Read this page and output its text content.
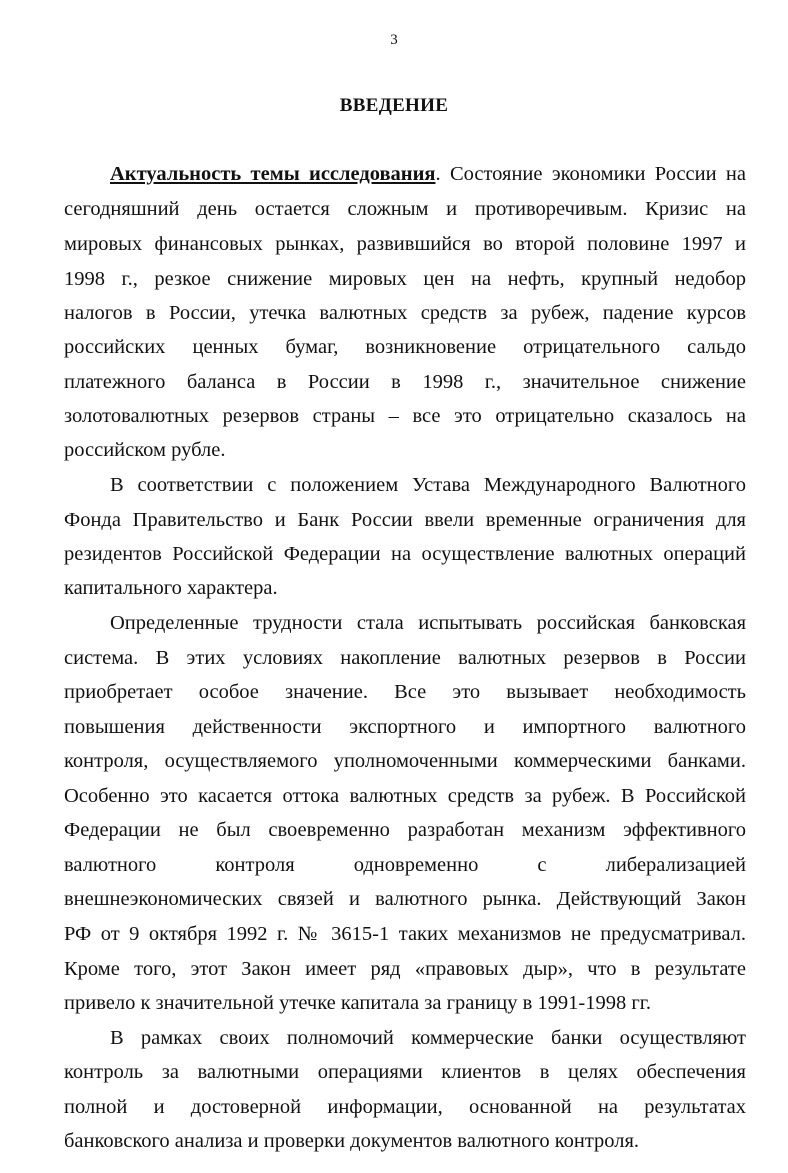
3
ВВЕДЕНИЕ
Актуальность темы исследования. Состояние экономики России на
сегодняшний день остается сложным и противоречивым. Кризис на
мировых финансовых рынках, развившийся во второй половине 1997 и
1998 г., резкое снижение мировых цен на нефть, крупный недобор
налогов в России, утечка валютных средств за рубеж, падение курсов
российских ценных бумаг, возникновение отрицательного сальдо
платежного баланса в России в 1998 г., значительное снижение
золотовалютных резервов страны – все это отрицательно сказалось на
российском рубле.
В соответствии с положением Устава Международного Валютного
Фонда Правительство и Банк России ввели временные ограничения для
резидентов Российской Федерации на осуществление валютных операций
капитального характера.
Определенные трудности стала испытывать российская банковская
система. В этих условиях накопление валютных резервов в России
приобретает особое значение. Все это вызывает необходимость
повышения действенности экспортного и импортного валютного
контроля, осуществляемого уполномоченными коммерческими банками.
Особенно это касается оттока валютных средств за рубеж. В Российской
Федерации не был своевременно разработан механизм эффективного
валютного контроля одновременно с либерализацией
внешнеэкономических связей и валютного рынка. Действующий Закон
РФ от 9 октября 1992 г. № 3615-1 таких механизмов не предусматривал.
Кроме того, этот Закон имеет ряд «правовых дыр», что в результате
привело к значительной утечке капитала за границу в 1991-1998 гг.
В рамках своих полномочий коммерческие банки осуществляют
контроль за валютными операциями клиентов в целях обеспечения
полной и достоверной информации, основанной на результатах
банковского анализа и проверки документов валютного контроля.
